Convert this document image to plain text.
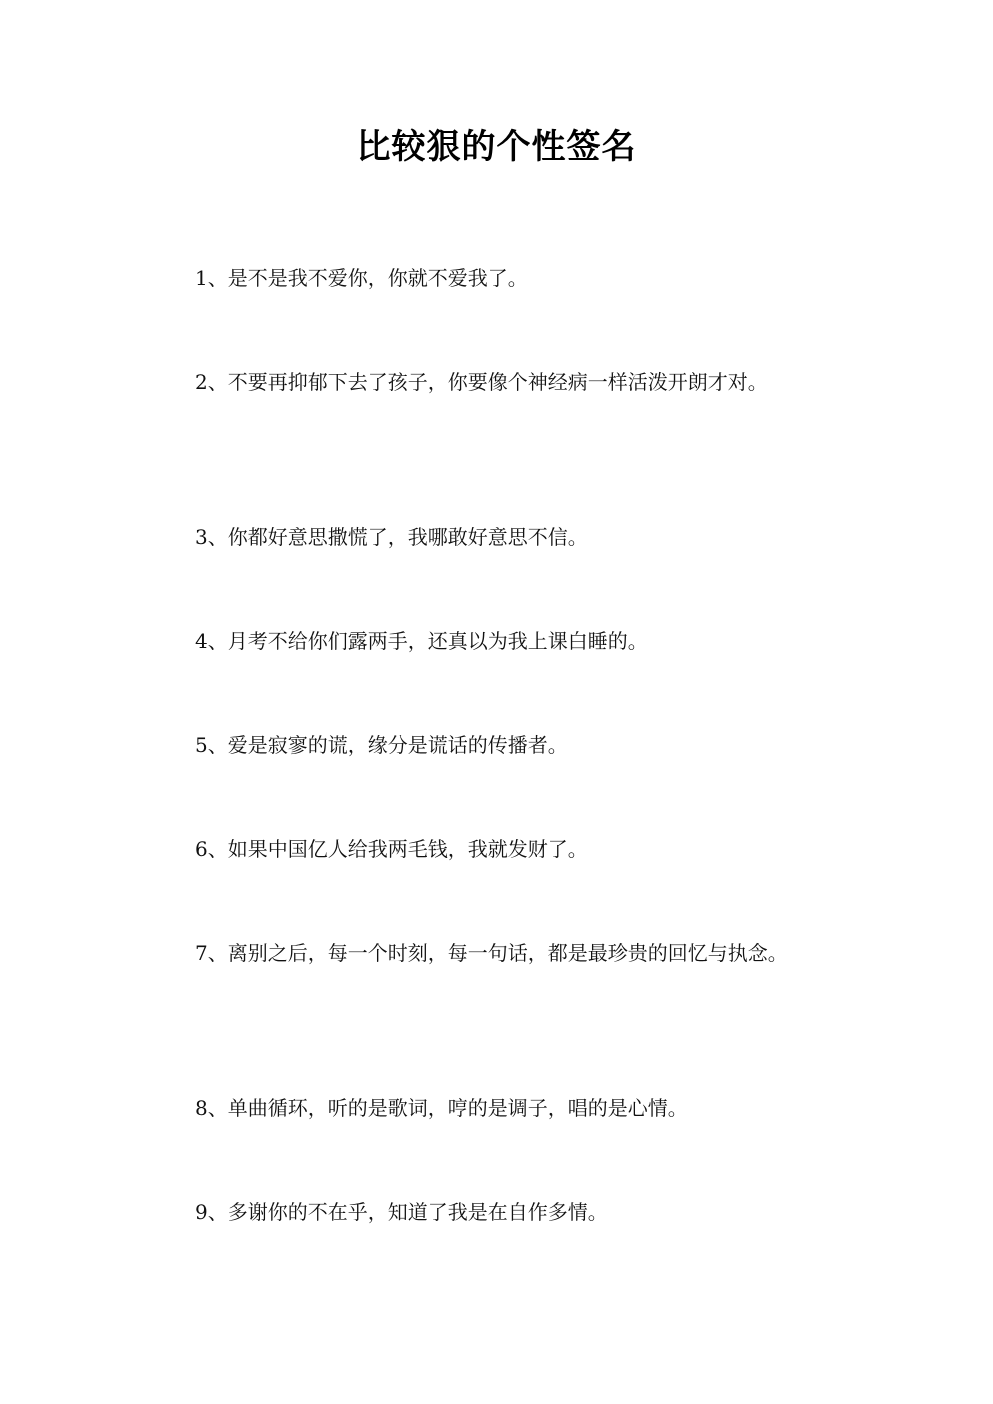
比较狠的个性签名
1、是不是我不爱你，你就不爱我了。
2、不要再抑郁下去了孩子，你要像个神经病一样活泼开朗才对。
3、你都好意思撒慌了，我哪敢好意思不信。
4、月考不给你们露两手，还真以为我上课白睡的。
5、爱是寂寥的谎，缘分是谎话的传播者。
6、如果中国亿人给我两毛钱，我就发财了。
7、离别之后，每一个时刻，每一句话，都是最珍贵的回忆与执念。
8、单曲循环，听的是歌词，哼的是调子，唱的是心情。
9、多谢你的不在乎，知道了我是在自作多情。
